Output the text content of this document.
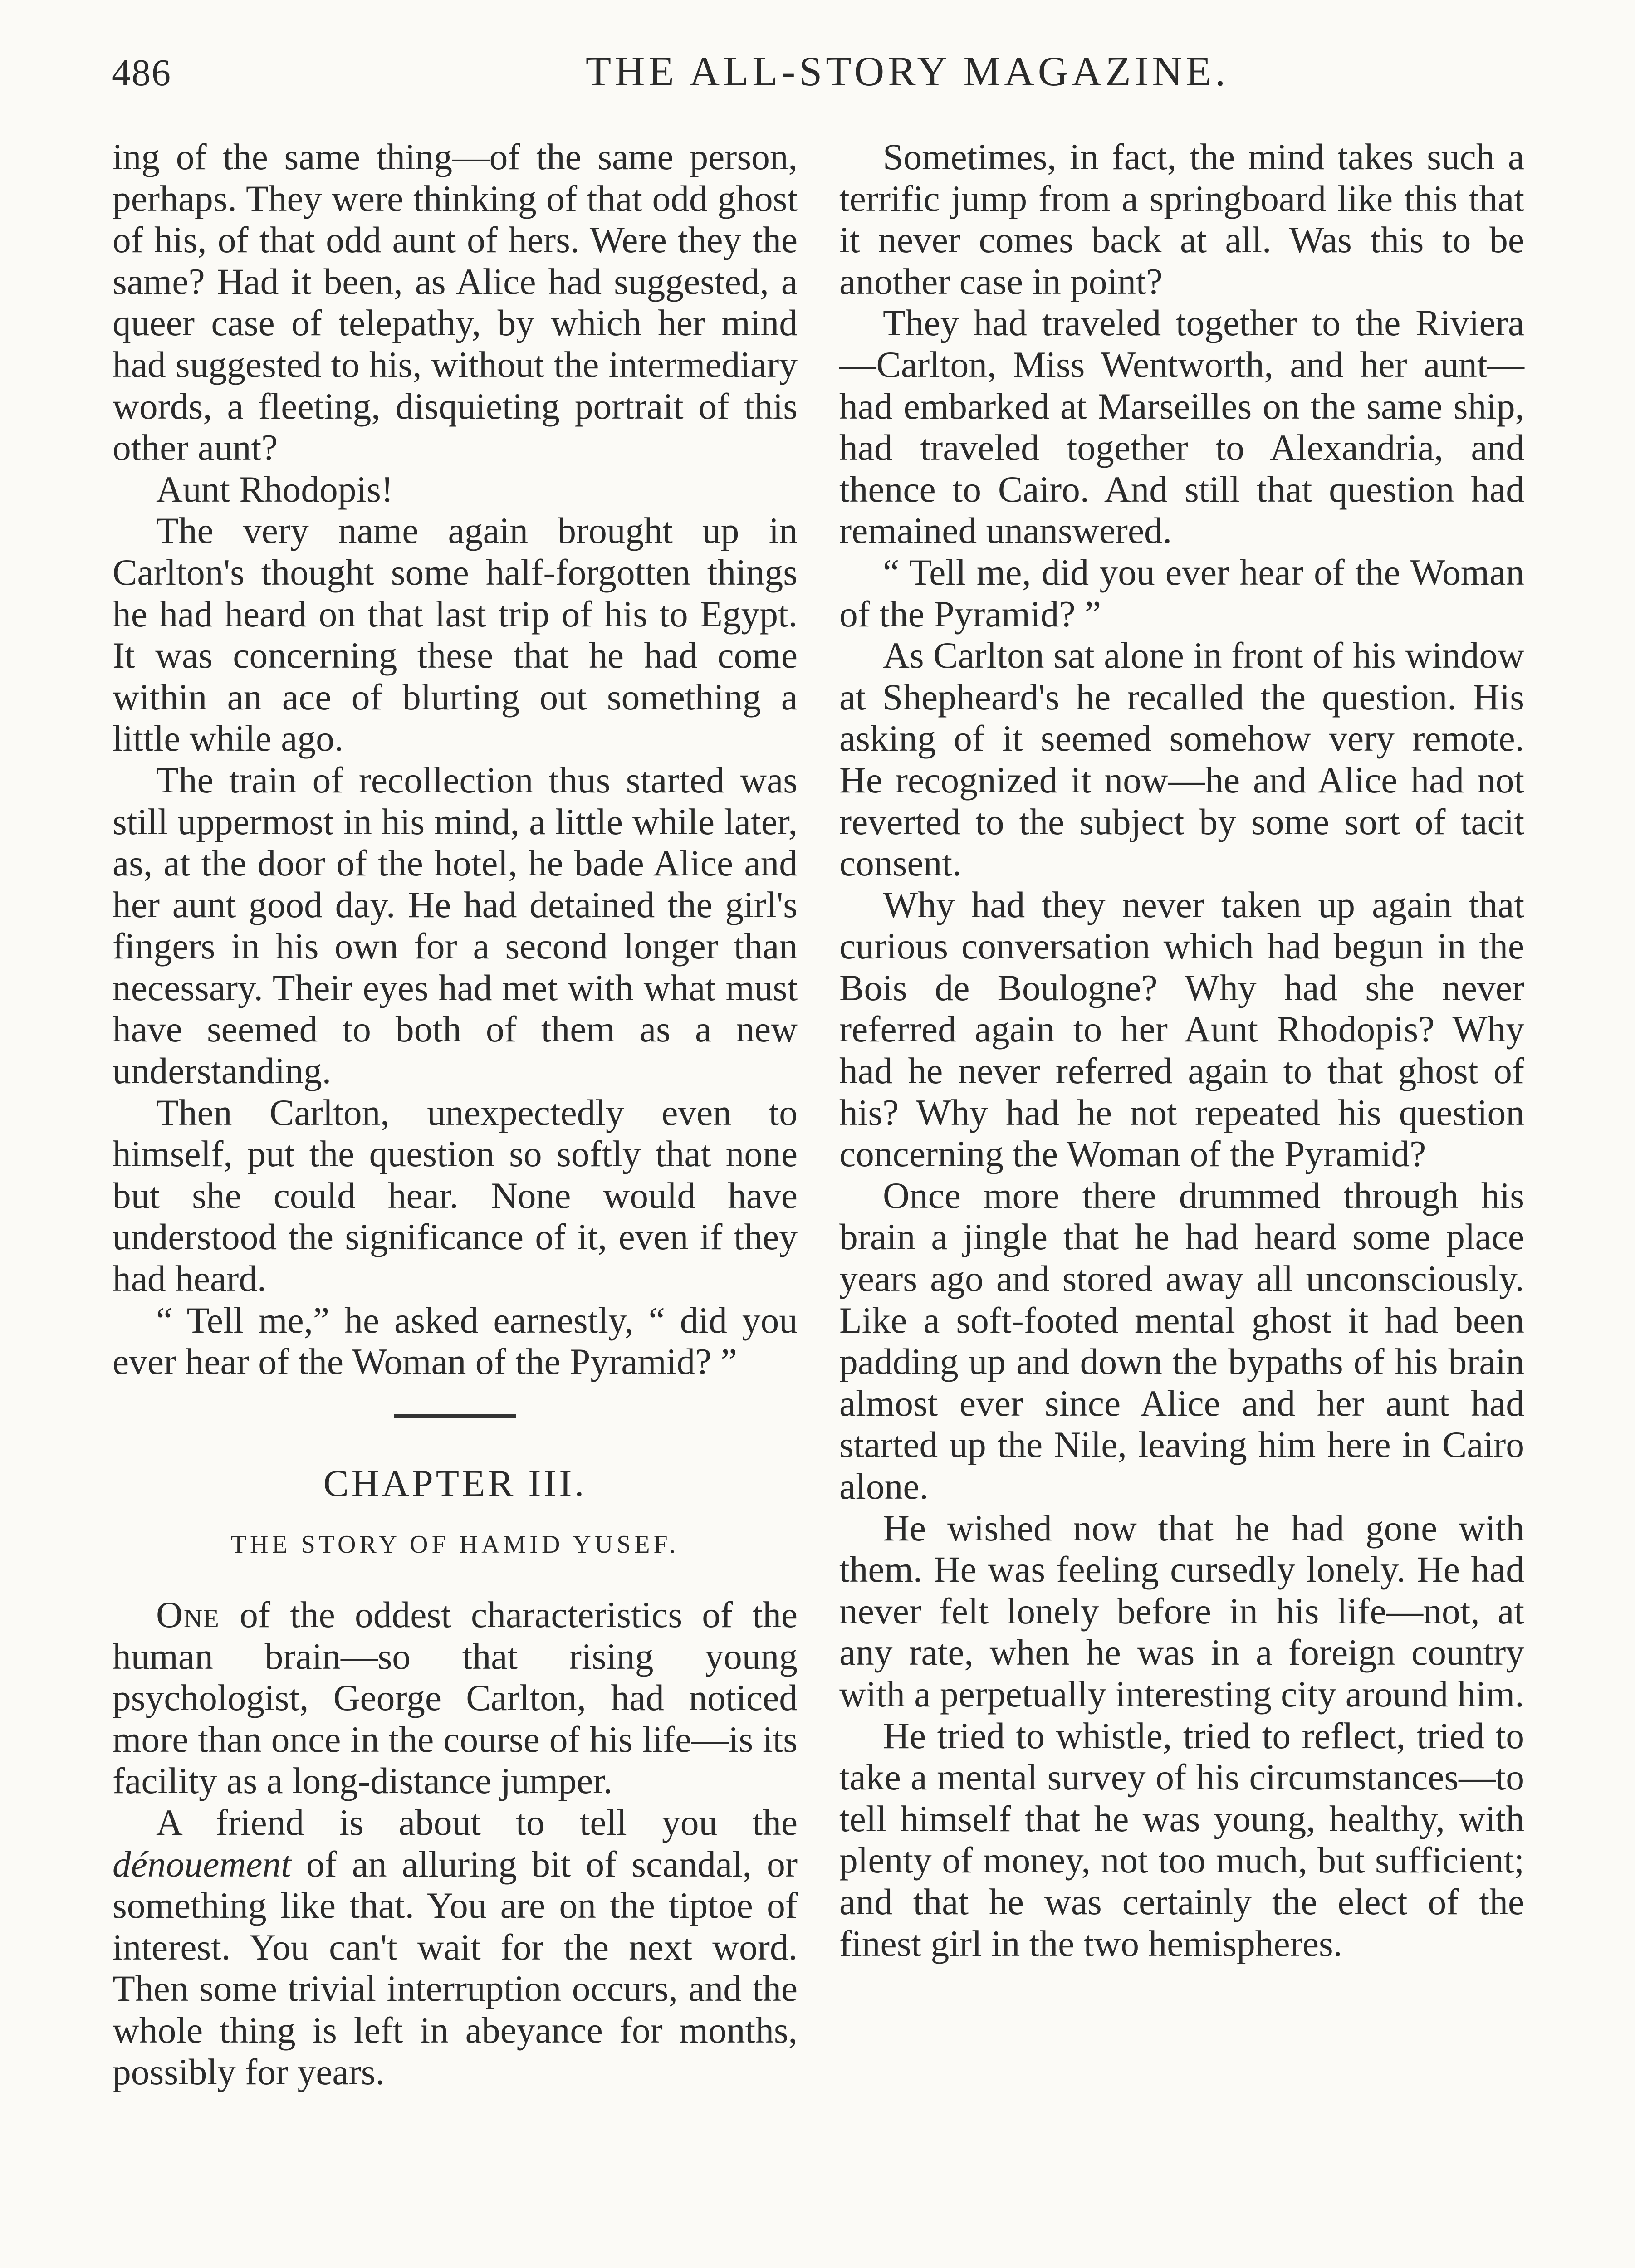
486	THE ALL-STORY MAGAZINE.

ing of the same thing—of the same person, perhaps. They were thinking of that odd ghost of his, of that odd aunt of hers. Were they the same? Had it been, as Alice had suggested, a queer case of telepathy, by which her mind had suggested to his, without the intermediary words, a fleeting, disquieting portrait of this other aunt?

Aunt Rhodopis!

The very name again brought up in Carlton's thought some half-forgotten things he had heard on that last trip of his to Egypt. It was concerning these that he had come within an ace of blurting out something a little while ago.

The train of recollection thus started was still uppermost in his mind, a little while later, as, at the door of the hotel, he bade Alice and her aunt good day. He had detained the girl's fingers in his own for a second longer than necessary. Their eyes had met with what must have seemed to both of them as a new understanding.

Then Carlton, unexpectedly even to himself, put the question so softly that none but she could hear. None would have understood the significance of it, even if they had heard.

“ Tell me,” he asked earnestly, “ did you ever hear of the Woman of the Pyramid? ”

CHAPTER III.
THE STORY OF HAMID YUSEF.

One of the oddest characteristics of the human brain—so that rising young psychologist, George Carlton, had noticed more than once in the course of his life—is its facility as a long-distance jumper.

A friend is about to tell you the dénouement of an alluring bit of scandal, or something like that. You are on the tiptoe of interest. You can't wait for the next word. Then some trivial interruption occurs, and the whole thing is left in abeyance for months, possibly for years.

Sometimes, in fact, the mind takes such a terrific jump from a springboard like this that it never comes back at all. Was this to be another case in point?

They had traveled together to the Riviera—Carlton, Miss Wentworth, and her aunt—had embarked at Marseilles on the same ship, had traveled together to Alexandria, and thence to Cairo. And still that question had remained unanswered.

“ Tell me, did you ever hear of the Woman of the Pyramid? ”

As Carlton sat alone in front of his window at Shepheard's he recalled the question. His asking of it seemed somehow very remote. He recognized it now—he and Alice had not reverted to the subject by some sort of tacit consent.

Why had they never taken up again that curious conversation which had begun in the Bois de Boulogne? Why had she never referred again to her Aunt Rhodopis? Why had he never referred again to that ghost of his? Why had he not repeated his question concerning the Woman of the Pyramid?

Once more there drummed through his brain a jingle that he had heard some place years ago and stored away all unconsciously. Like a soft-footed mental ghost it had been padding up and down the bypaths of his brain almost ever since Alice and her aunt had started up the Nile, leaving him here in Cairo alone.

He wished now that he had gone with them. He was feeling cursedly lonely. He had never felt lonely before in his life—not, at any rate, when he was in a foreign country with a perpetually interesting city around him.

He tried to whistle, tried to reflect, tried to take a mental survey of his circumstances—to tell himself that he was young, healthy, with plenty of money, not too much, but sufficient; and that he was certainly the elect of the finest girl in the two hemispheres.
